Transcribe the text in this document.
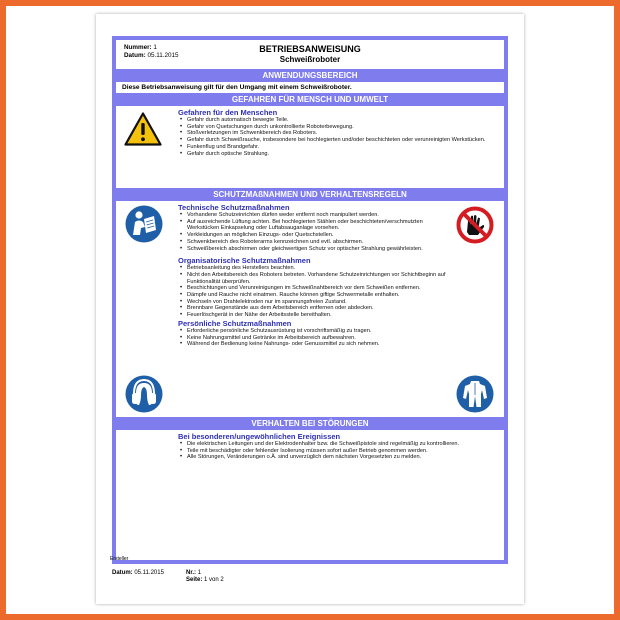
Nummer: 1
Datum: 05.11.2015
BETRIEBSANWEISUNG
Schweißroboter
ANWENDUNGSBEREICH
Diese Betriebsanweisung gilt für den Umgang mit einem Schweißroboter.
GEFAHREN FÜR MENSCH UND UMWELT

Gefahren für den Menschen

• Gefahr durch automatisch bewegte Teile.
• Gefahr von Quetschungen durch unkontrollierte Roboterbewegung.
• Stoßverletzungen im Schwenkbereich des Roboters.
• Gefahr durch Schweißrauche, insbesondere bei hochlegierten und/oder beschichteten oder verunreinigten Werkstücken.
• Funkenflug und Brandgefahr.
• Gefahr durch optische Strahlung.
SCHUTZMAßNAHMEN UND VERHALTENSREGELN

Technische Schutzmaßnahmen

• Vorhandene Schutzeinrichten dürfen weder entfernt noch manipuliert werden.
• Auf ausreichende Lüftung achten. Bei hochlegierten Stählen oder beschichteten/verschmutzten Werkstücken Einkapselung oder Luftabsauganlage vorsehen.
• Verkleidungen an möglichen Einzugs- oder Quetschstellen.
• Schwenkbereich des Roboterarms kennzeichnen und evtl. abschirmen.
• Schweißbereich abschirmen oder gleichwertigen Schutz vor optischer Strahlung gewährleisten.

Organisatorische Schutzmaßnahmen

• Betriebsanleitung des Herstellers beachten.
• Nicht den Arbeitsbereich des Roboters betreten. Vorhandene Schutzeinrichtungen vor Schichtbeginn auf Funktionalität überprüfen.
• Beschichtungen und Verunreinigungen im Schweißnahtbereich vor dem Schweißen entfernen.
• Dämpfe und Rauche nicht einatmen. Rauche können giftige Schwermetalle enthalten.
• Wechseln von Drahtelektroden nur im spannungsfreien Zustand.
• Brennbare Gegenstände aus dem Arbeitsbereich entfernen oder abdecken.
• Feuerlöschgerät in der Nähe der Arbeitsstelle bereithalten.

Persönliche Schutzmaßnahmen

• Erforderliche persönliche Schutzausrüstung ist vorschriftsmäßig zu tragen.
• Keine Nahrungsmittel und Getränke im Arbeitsbereich aufbewahren.
• Während der Bedienung keine Nahrungs- oder Genussmittel zu sich nehmen.
VERHALTEN BEI STÖRUNGEN

Bei besonderen/ungewöhnlichen Ereignissen

• Die elektrischen Leitungen und der Elektrodenhalter bzw. die Schweißpistole sind regelmäßig zu kontrollieren.
• Teile mit beschädigter oder fehlender Isolierung müssen sofort außer Betrieb genommen werden.
• Alle Störungen, Veränderungen o.Ä. sind unverzüglich dem nächsten Vorgesetzten zu melden.
Ersteller
Datum: 05.11.2015	Nr.: 1
Seite: 1 von 2
